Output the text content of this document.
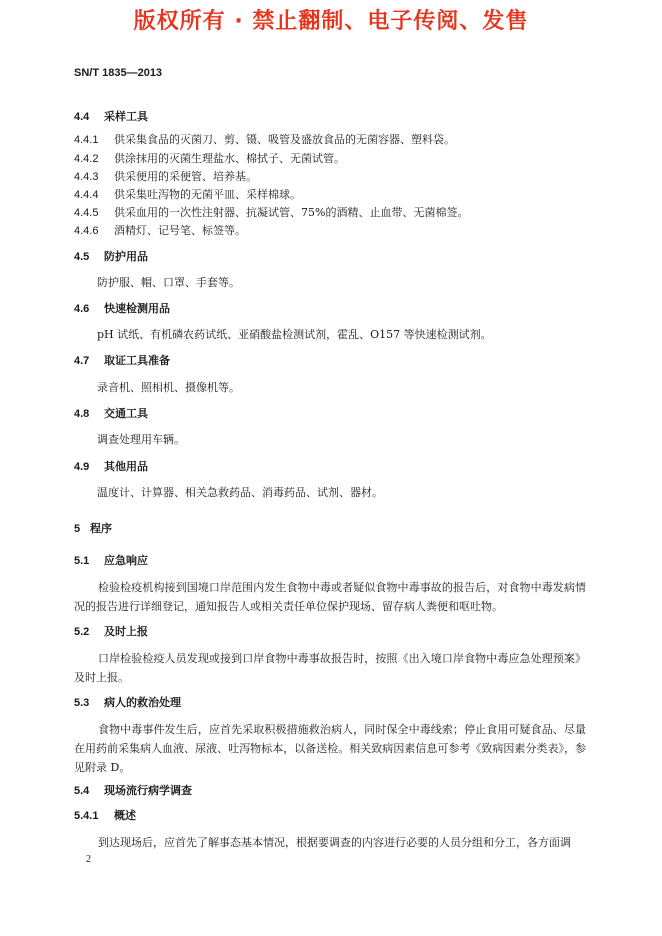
版权所有 · 禁止翻制、电子传阅、发售
SN/T 1835—2013
4.4 采样工具
4.4.1 供采集食品的灭菌刀、剪、镊、吸管及盛放食品的无菌容器、塑料袋。
4.4.2 供涂抹用的灭菌生理盐水、棉拭子、无菌试管。
4.4.3 供采便用的采便管、培养基。
4.4.4 供采集吐泻物的无菌平皿、采样棉球。
4.4.5 供采血用的一次性注射器、抗凝试管、75%的酒精、止血带、无菌棉签。
4.4.6 酒精灯、记号笔、标签等。
4.5 防护用品
防护服、帽、口罩、手套等。
4.6 快速检测用品
pH 试纸、有机磷农药试纸、亚硝酸盐检测试剂，霍乱、O157 等快速检测试剂。
4.7 取证工具准备
录音机、照相机、摄像机等。
4.8 交通工具
调查处理用车辆。
4.9 其他用品
温度计、计算器、相关急救药品、消毒药品、试剂、器材。
5 程序
5.1 应急响应
检验检疫机构接到国境口岸范围内发生食物中毒或者疑似食物中毒事故的报告后，对食物中毒发病情况的报告进行详细登记，通知报告人或相关责任单位保护现场、留存病人粪便和呕吐物。
5.2 及时上报
口岸检验检疫人员发现或接到口岸食物中毒事故报告时，按照《出入境口岸食物中毒应急处理预案》及时上报。
5.3 病人的救治处理
食物中毒事件发生后，应首先采取积极措施救治病人，同时保全中毒线索；停止食用可疑食品、尽量在用药前采集病人血液、尿液、吐泻物标本，以备送检。相关致病因素信息可参考《致病因素分类表》，参见附录 D。
5.4 现场流行病学调查
5.4.1 概述
到达现场后，应首先了解事态基本情况，根据要调查的内容进行必要的人员分组和分工，各方面调
2
